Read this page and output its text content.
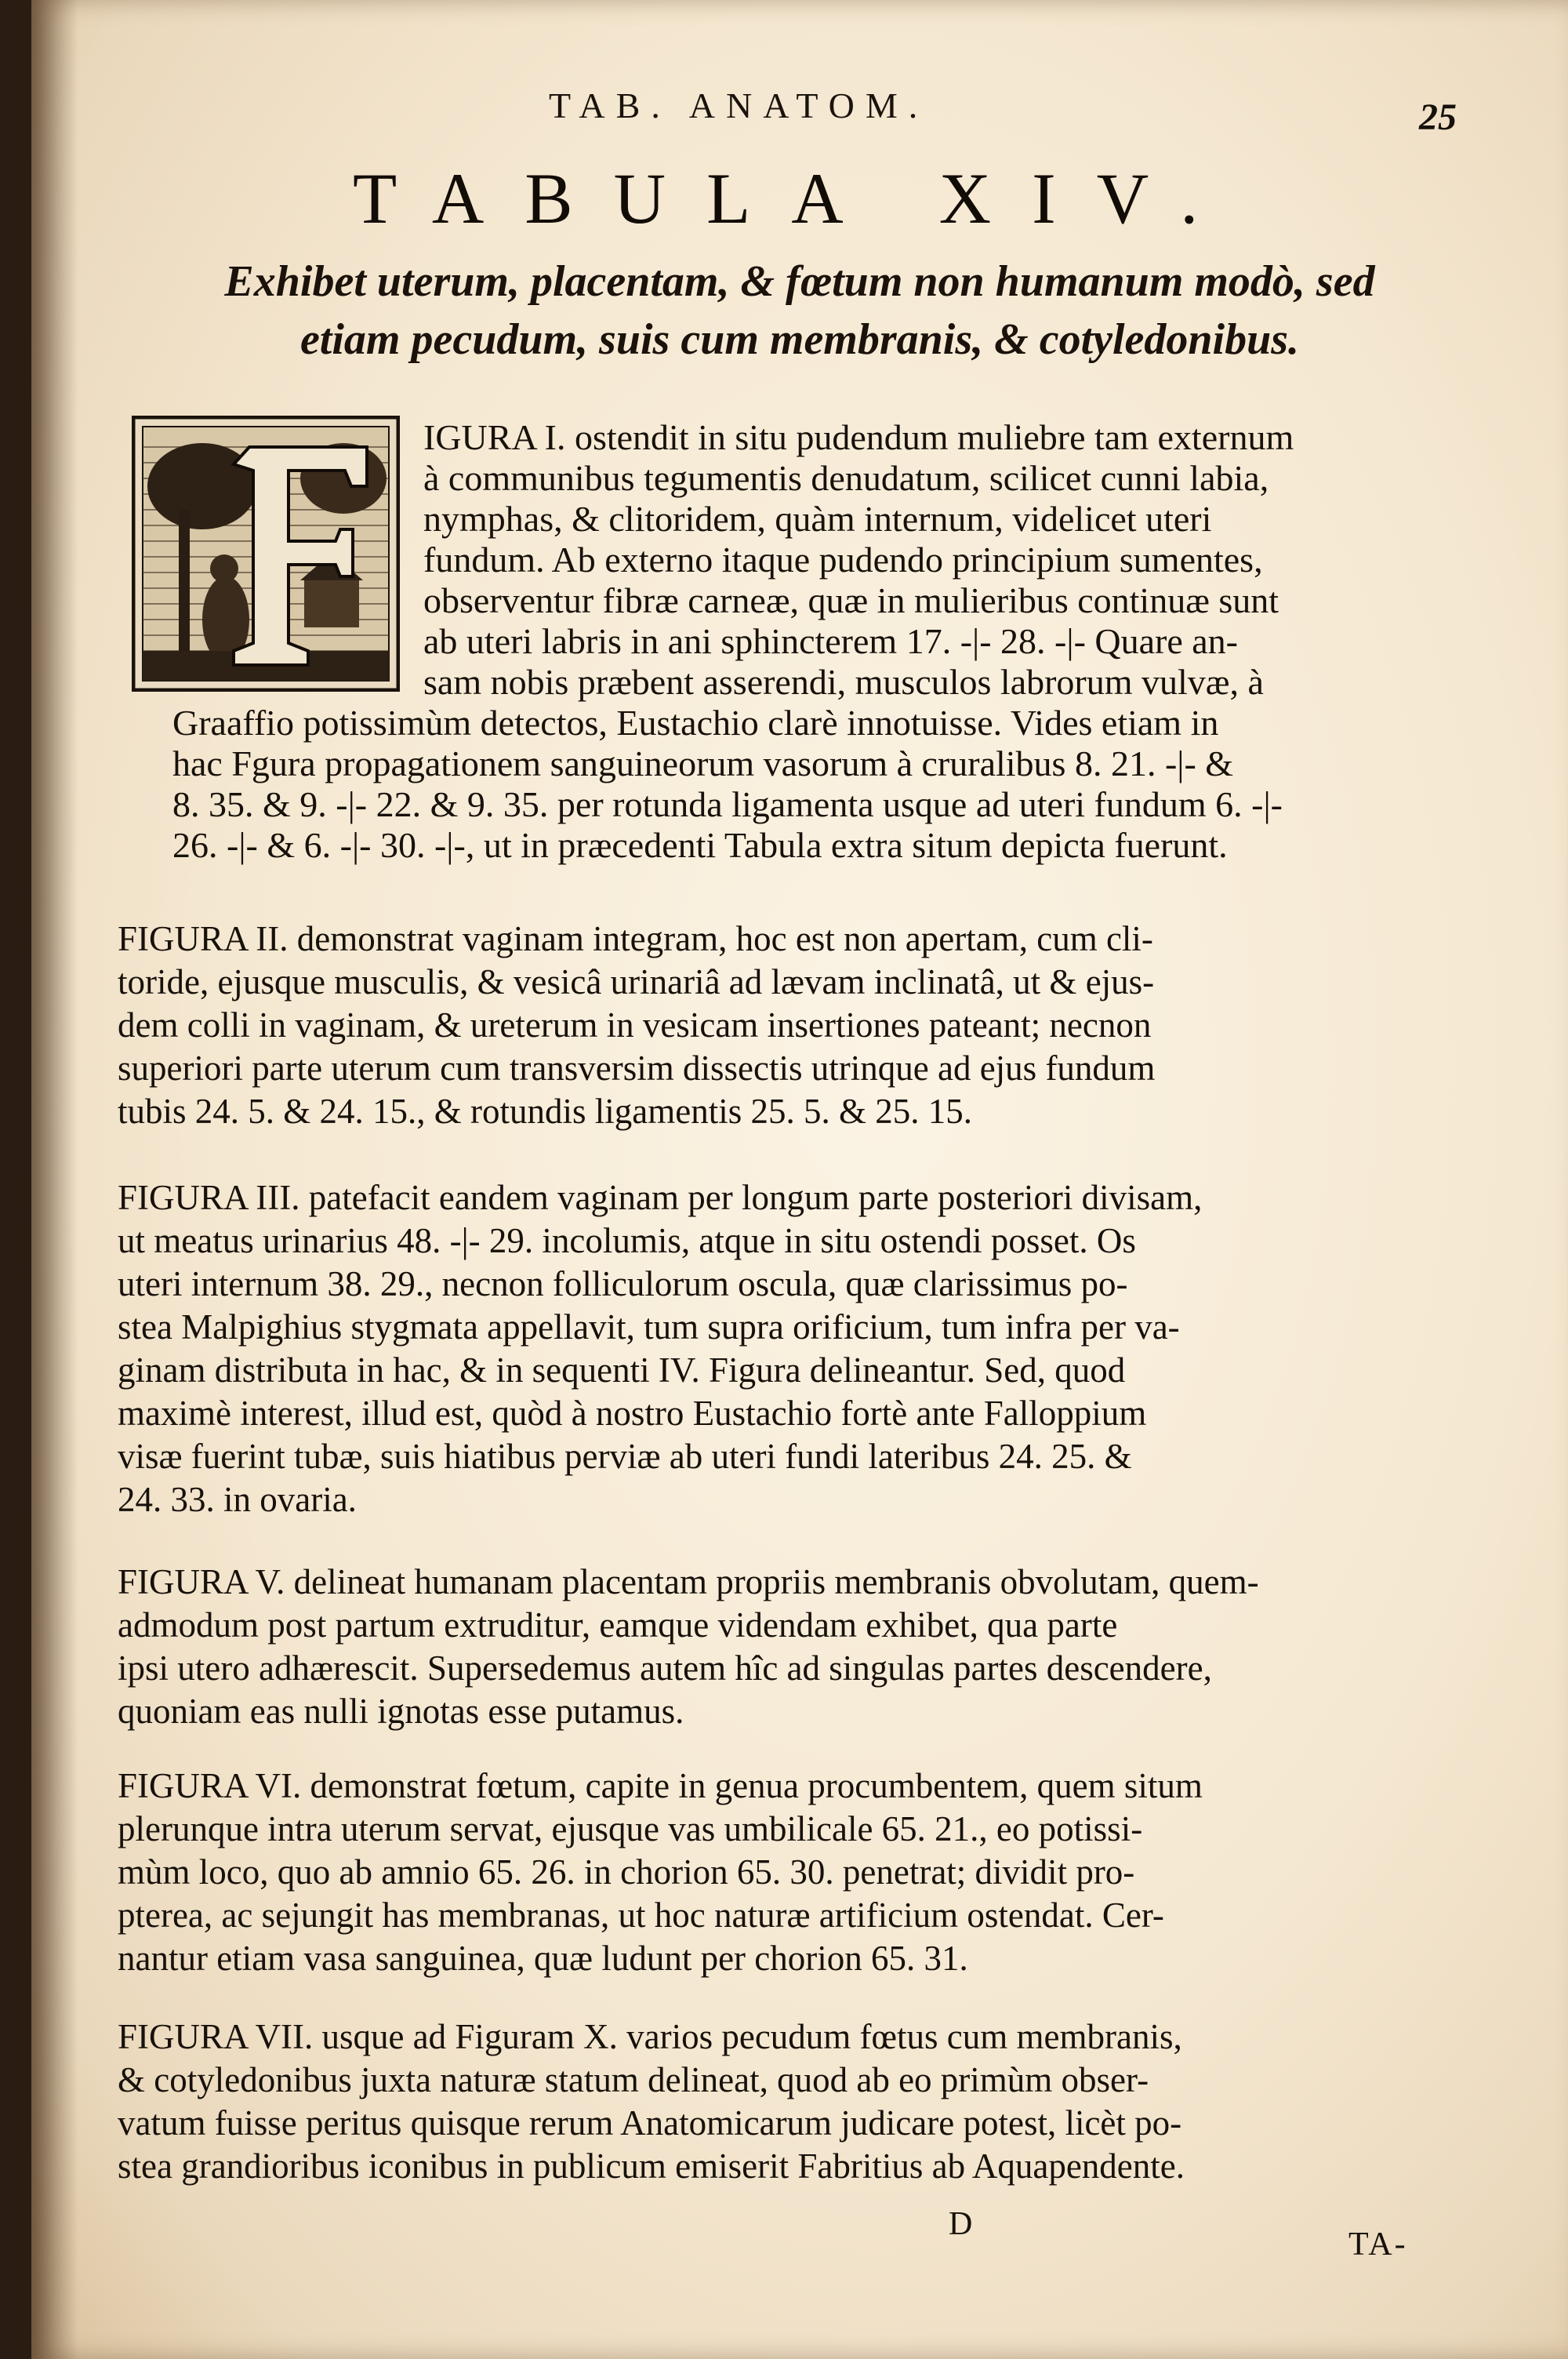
TAB. ANATOM.	25
TABULA XIV.
Exhibet uterum, placentam, & fœtum non humanum modò, sed
etiam pecudum, suis cum membranis, & cotyledonibus.
IGURA I. ostendit in situ pudendum muliebre tam externum
à communibus tegumentis denudatum, scilicet cunni labia,
nymphas, & clitoridem, quàm internum, videlicet uteri
fundum. Ab externo itaque pudendo principium sumentes,
observentur fibræ carneæ, quæ in mulieribus continuæ sunt
ab uteri labris in ani sphincterem 17. -|- 28. -|- Quare an-
sam nobis præbent asserendi, musculos labrorum vulvæ, à
Graaffio potissimùm detectos, Eustachio clarè innotuisse. Vides etiam in
hac Fgura propagationem sanguineorum vasorum à cruralibus 8. 21. -|- &
8. 35. & 9. -|- 22. & 9. 35. per rotunda ligamenta usque ad uteri fundum 6. -|-
26. -|- & 6. -|- 30. -|-, ut in præcedenti Tabula extra situm depicta fuerunt.
FIGURA II. demonstrat vaginam integram, hoc est non apertam, cum cli-
toride, ejusque musculis, & vesicâ urinariâ ad lævam inclinatâ, ut & ejus-
dem colli in vaginam, & ureterum in vesicam insertiones pateant; necnon
superiori parte uterum cum transversim dissectis utrinque ad ejus fundum
tubis 24. 5. & 24. 15., & rotundis ligamentis 25. 5. & 25. 15.
FIGURA III. patefacit eandem vaginam per longum parte posteriori divisam,
ut meatus urinarius 48. -|- 29. incolumis, atque in situ ostendi posset. Os
uteri internum 38. 29., necnon folliculorum oscula, quæ clarissimus po-
stea Malpighius stygmata appellavit, tum supra orificium, tum infra per va-
ginam distributa in hac, & in sequenti IV. Figura delineantur. Sed, quod
maximè interest, illud est, quòd à nostro Eustachio fortè ante Falloppium
visæ fuerint tubæ, suis hiatibus perviæ ab uteri fundi lateribus 24. 25. &
24. 33. in ovaria.
FIGURA V. delineat humanam placentam propriis membranis obvolutam, quem-
admodum post partum extruditur, eamque videndam exhibet, qua parte
ipsi utero adhærescit. Supersedemus autem hîc ad singulas partes descendere,
quoniam eas nulli ignotas esse putamus.
FIGURA VI. demonstrat fœtum, capite in genua procumbentem, quem situm
plerunque intra uterum servat, ejusque vas umbilicale 65. 21., eo potissi-
mùm loco, quo ab amnio 65. 26. in chorion 65. 30. penetrat; dividit pro-
pterea, ac sejungit has membranas, ut hoc naturæ artificium ostendat. Cer-
nantur etiam vasa sanguinea, quæ ludunt per chorion 65. 31.
FIGURA VII. usque ad Figuram X. varios pecudum fœtus cum membranis,
& cotyledonibus juxta naturæ statum delineat, quod ab eo primùm obser-
vatum fuisse peritus quisque rerum Anatomicarum judicare potest, licèt po-
stea grandioribus iconibus in publicum emiserit Fabritius ab Aquapendente.
D
TA-
